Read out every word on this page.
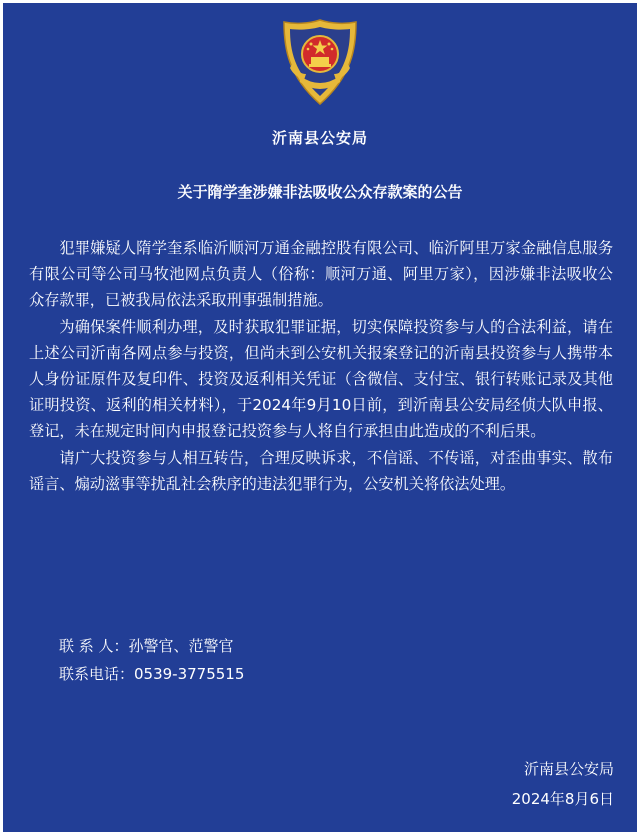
沂南县公安局
关于隋学奎涉嫌非法吸收公众存款案的公告

犯罪嫌疑人隋学奎系临沂顺河万通金融控股有限公司、临沂阿里万家金融信息服务有限公司等公司马牧池网点负责人（俗称：顺河万通、阿里万家），因涉嫌非法吸收公众存款罪，已被我局依法采取刑事强制措施。

为确保案件顺利办理，及时获取犯罪证据，切实保障投资参与人的合法利益，请在上述公司沂南各网点参与投资，但尚未到公安机关报案登记的沂南县投资参与人携带本人身份证原件及复印件、投资及返利相关凭证（含微信、支付宝、银行转账记录及其他证明投资、返利的相关材料），于2024年9月10日前，到沂南县公安局经侦大队申报、登记，未在规定时间内申报登记投资参与人将自行承担由此造成的不利后果。

请广大投资参与人相互转告，合理反映诉求，不信谣、不传谣，对歪曲事实、散布谣言、煽动滋事等扰乱社会秩序的违法犯罪行为，公安机关将依法处理。

联 系 人：孙警官、范警官
联系电话：0539-3775515
沂南县公安局
2024年8月6日
